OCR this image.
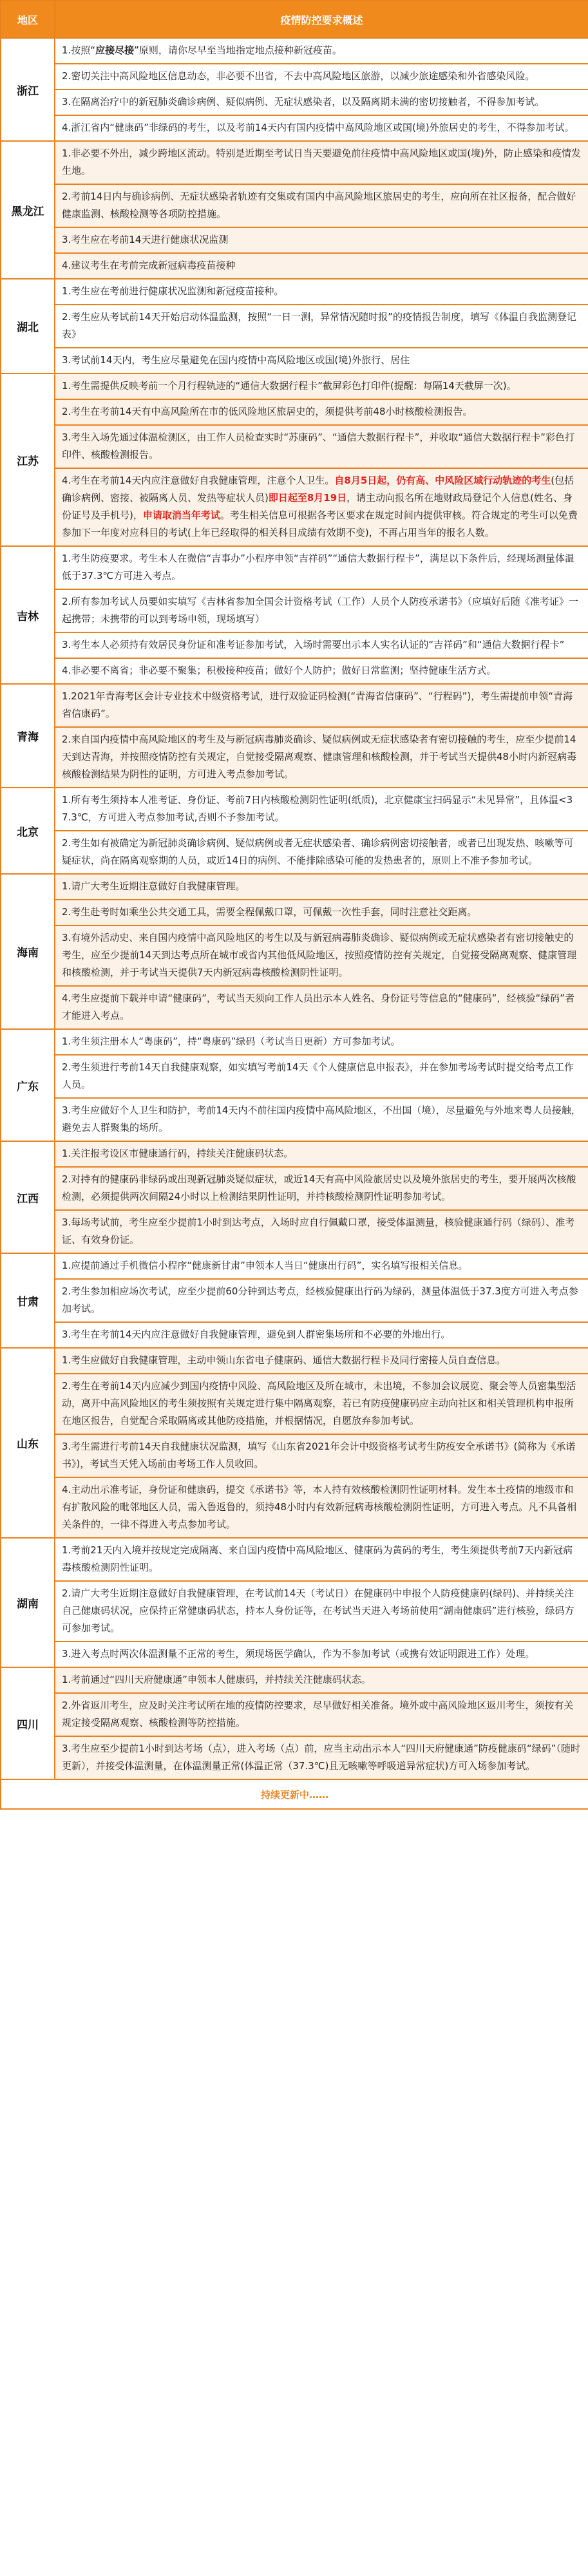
地区	疫情防控要求概述
浙江	1.按照“应接尽接”原则，请你尽早至当地指定地点接种新冠疫苗。
	2.密切关注中高风险地区信息动态，非必要不出省，不去中高风险地区旅游，以减少旅途感染和外省感染风险。
	3.在隔离治疗中的新冠肺炎确诊病例、疑似病例、无症状感染者，以及隔离期未满的密切接触者，不得参加考试。
	4.浙江省内“健康码”非绿码的考生，以及考前14天内有国内疫情中高风险地区或国(境)外旅居史的考生，不得参加考试。
黑龙江	1.非必要不外出，减少跨地区流动。特别是近期至考试日当天要避免前往疫情中高风险地区或国(境)外，防止感染和疫情发生地。
	2.考前14日内与确诊病例、无症状感染者轨迹有交集或有国内中高风险地区旅居史的考生，应向所在社区报备，配合做好健康监测、核酸检测等各项防控措施。
	3.考生应在考前14天进行健康状况监测
	4.建议考生在考前完成新冠病毒疫苗接种
湖北	1.考生应在考前进行健康状况监测和新冠疫苗接种。
	2.考生应从考试前14天开始启动体温监测，按照“一日一测，异常情况随时报”的疫情报告制度，填写《体温自我监测登记表》
	3.考试前14天内，考生应尽量避免在国内疫情中高风险地区或国(境)外旅行、居住
江苏	1.考生需提供反映考前一个月行程轨迹的“通信大数据行程卡”截屏彩色打印件(提醒：每隔14天截屏一次)。
	2.考生在考前14天有中高风险所在市的低风险地区旅居史的，须提供考前48小时核酸检测报告。
	3.考生入场先通过体温检测区，由工作人员检查实时“苏康码”、“通信大数据行程卡”，并收取“通信大数据行程卡”彩色打印件、核酸检测报告。
	4.考生在考前14天内应注意做好自我健康管理，注意个人卫生。自8月5日起，仍有高、中风险区域行动轨迹的考生(包括确诊病例、密接、被隔离人员、发热等症状人员)即日起至8月19日，请主动向报名所在地财政局登记个人信息(姓名、身份证号及手机号)，申请取消当年考试。考生相关信息可根据各考区要求在规定时间内提供审核。符合规定的考生可以免费参加下一年度对应科目的考试(上年已经取得的相关科目成绩有效期不变)，不再占用当年的报名人数。
吉林	1.考生防疫要求。考生本人在微信“吉事办”小程序申领“吉祥码”“通信大数据行程卡”，满足以下条件后，经现场测量体温低于37.3℃方可进入考点。
	2.所有参加考试人员要如实填写《吉林省参加全国会计资格考试（工作）人员个人防疫承诺书》（应填好后随《准考证》一起携带；未携带的可以到考场申领，现场填写）
	3.考生本人必须持有效居民身份证和准考证参加考试，入场时需要出示本人实名认证的“吉祥码”和“通信大数据行程卡”
	4.非必要不离省；非必要不聚集；积极接种疫苗；做好个人防护；做好日常监测；坚持健康生活方式。
青海	1.2021年青海考区会计专业技术中级资格考试，进行双验证码检测(“青海省信康码”、“行程码”)，考生需提前申领“青海省信康码”。
	2.来自国内疫情中高风险地区的考生及与新冠病毒肺炎确诊、疑似病例或无症状感染者有密切接触的考生，应至少提前14天到达青海，并按照疫情防控有关规定，自觉接受隔离观察、健康管理和核酸检测，并于考试当天提供48小时内新冠病毒核酸检测结果为阴性的证明，方可进入考点参加考试。
北京	1.所有考生须持本人准考证、身份证、考前7日内核酸检测阴性证明(纸质)，北京健康宝扫码显示“未见异常”，且体温<37.3℃，方可进入考点参加考试,否则不予参加考试。
	2.考生如有被确定为新冠肺炎确诊病例、疑似病例或者无症状感染者、确诊病例密切接触者，或者已出现发热、咳嗽等可疑症状，尚在隔离观察期的人员，或近14日的病例、不能排除感染可能的发热患者的，原则上不准予参加考试。
海南	1.请广大考生近期注意做好自我健康管理。
	2.考生赴考时如乘坐公共交通工具，需要全程佩戴口罩，可佩戴一次性手套，同时注意社交距离。
	3.有境外活动史、来自国内疫情中高风险地区的考生以及与新冠病毒肺炎确诊、疑似病例或无症状感染者有密切接触史的考生，应至少提前14天到达考点所在城市或省内其他低风险地区，按照疫情防控有关规定，自觉接受隔离观察、健康管理和核酸检测，并于考试当天提供7天内新冠病毒核酸检测阴性证明。
	4.考生应提前下载并申请“健康码”，考试当天须向工作人员出示本人姓名、身份证号等信息的“健康码”，经核验“绿码”者才能进入考点。
广东	1.考生须注册本人“粤康码”，持“粤康码”绿码（考试当日更新）方可参加考试。
	2.考生须进行考前14天自我健康观察，如实填写考前14天《个人健康信息申报表》，并在参加考场考试时提交给考点工作人员。
	3.考生应做好个人卫生和防护，考前14天内不前往国内疫情中高风险地区，不出国（境），尽量避免与外地来粤人员接触，避免去人群聚集的场所。
江西	1.关注报考设区市健康通行码，持续关注健康码状态。
	2.对持有的健康码非绿码或出现新冠肺炎疑似症状，或近14天有高中风险旅居史以及境外旅居史的考生，要开展两次核酸检测，必须提供两次间隔24小时以上检测结果阴性证明，并持核酸检测阴性证明参加考试。
	3.每场考试前，考生应至少提前1小时到达考点，入场时应自行佩戴口罩，接受体温测量，核验健康通行码（绿码）、准考证、有效身份证。
甘肃	1.应提前通过手机微信小程序“健康新甘肃”申领本人当日“健康出行码”，实名填写报相关信息。
	2.考生参加相应场次考试，应至少提前60分钟到达考点，经核验健康出行码为绿码，测量体温低于37.3度方可进入考点参加考试。
	3.考生在考前14天内应注意做好自我健康管理，避免到人群密集场所和不必要的外地出行。
山东	1.考生应做好自我健康管理，主动申领山东省电子健康码、通信大数据行程卡及同行密接人员自查信息。
	2.考生在考前14天内应减少到国内疫情中风险、高风险地区及所在城市，未出境，不参加会议展览、聚会等人员密集型活动，离开中高风险地区的考生须按照有关规定进行集中隔离观察，若已有防疫健康码应主动向社区和相关管理机构申报所在地区报告，自觉配合采取隔离或其他防疫措施，并根据情况，自愿放弃参加考试。
	3.考生需进行考前14天自我健康状况监测，填写《山东省2021年会计中级资格考试考生防疫安全承诺书》(简称为《承诺书》)，考试当天凭入场前由考场工作人员收回。
	4.主动出示准考证，身份证和健康码，提交《承诺书》等，本人持有效核酸检测阴性证明材料。发生本土疫情的地级市和有扩散风险的毗邻地区人员，需入鲁返鲁的，须持48小时内有效新冠病毒核酸检测阴性证明，方可进入考点。凡不具备相关条件的，一律不得进入考点参加考试。
湖南	1.考前21天内入境并按规定完成隔离、来自国内疫情中高风险地区、健康码为黄码的考生，考生须提供考前7天内新冠病毒核酸检测阴性证明。
	2.请广大考生近期注意做好自我健康管理，在考试前14天（考试日）在健康码中申报个人防疫健康码(绿码)、并持续关注自己健康码状况，应保持正常健康码状态，持本人身份证等，在考试当天进入考场前使用“湖南健康码”进行核验，绿码方可参加考试。
	3.进入考点时两次体温测量不正常的考生，须现场医学确认，作为不参加考试（或携有效证明跟进工作）处理。
四川	1.考前通过“四川天府健康通”申领本人健康码，并持续关注健康码状态。
	2.外省返川考生，应及时关注考试所在地的疫情防控要求，尽早做好相关准备。境外或中高风险地区返川考生，须按有关规定接受隔离观察、核酸检测等防控措施。
	3.考生应至少提前1小时到达考场（点），进入考场（点）前，应当主动出示本人“四川天府健康通”防疫健康码“绿码”（随时更新），并接受体温测量，在体温测量正常(体温正常（37.3℃)且无咳嗽等呼吸道异常症状)方可入场参加考试。
持续更新中……	
